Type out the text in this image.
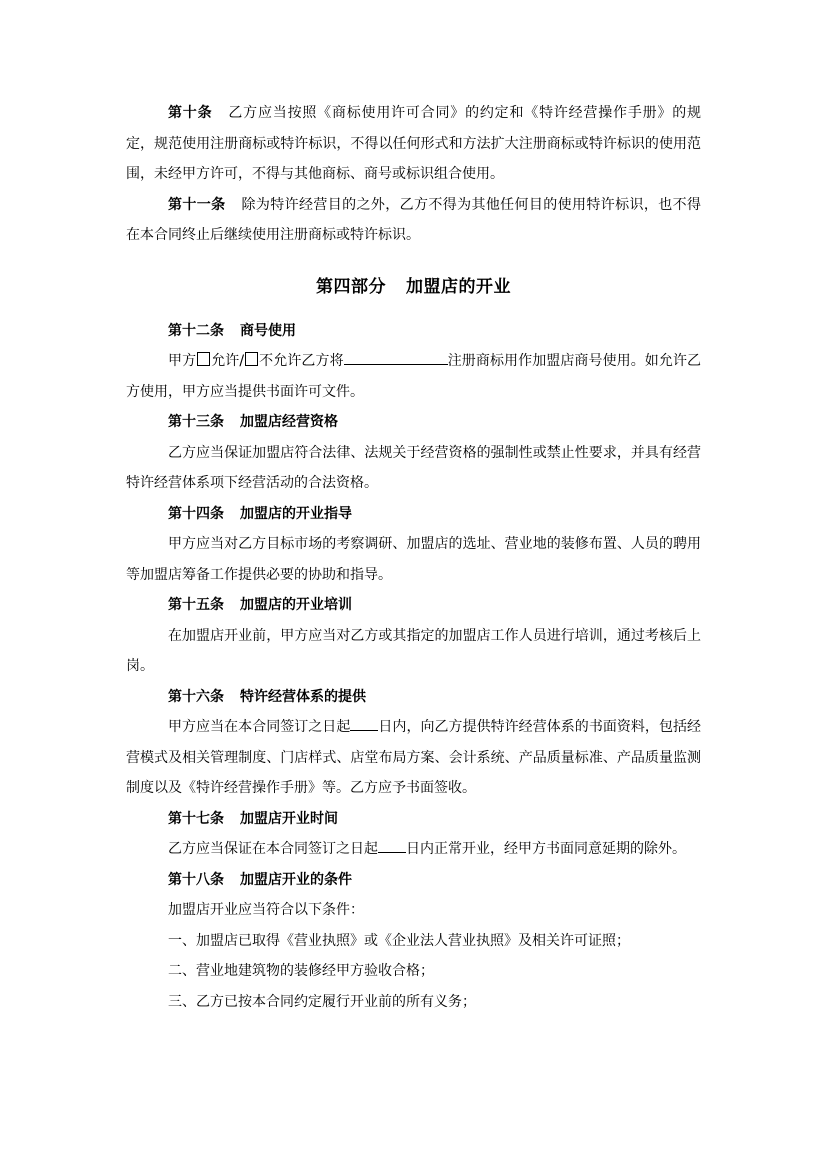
第十条 乙方应当按照《商标使用许可合同》的约定和《特许经营操作手册》的规定，规范使用注册商标或特许标识，不得以任何形式和方法扩大注册商标或特许标识的使用范围，未经甲方许可，不得与其他商标、商号或标识组合使用。

第十一条 除为特许经营目的之外，乙方不得为其他任何目的使用特许标识，也不得在本合同终止后继续使用注册商标或特许标识。

第四部分 加盟店的开业

第十二条 商号使用

甲方 允许/ 不允许乙方将	注册商标用作加盟店商号使用。如允许乙方使用，甲方应当提供书面许可文件。

第十三条 加盟店经营资格

乙方应当保证加盟店符合法律、法规关于经营资格的强制性或禁止性要求，并具有经营特许经营体系项下经营活动的合法资格。

第十四条 加盟店的开业指导

甲方应当对乙方目标市场的考察调研、加盟店的选址、营业地的装修布置、人员的聘用等加盟店筹备工作提供必要的协助和指导。

第十五条 加盟店的开业培训

在加盟店开业前，甲方应当对乙方或其指定的加盟店工作人员进行培训，通过考核后上岗。

第十六条 特许经营体系的提供

甲方应当在本合同签订之日起 日内，向乙方提供特许经营体系的书面资料，包括经营模式及相关管理制度、门店样式、店堂布局方案、会计系统、产品质量标准、产品质量监测制度以及《特许经营操作手册》等。乙方应予书面签收。

第十七条 加盟店开业时间

乙方应当保证在本合同签订之日起 日内正常开业，经甲方书面同意延期的除外。

第十八条 加盟店开业的条件

加盟店开业应当符合以下条件：

一、加盟店已取得《营业执照》或《企业法人营业执照》及相关许可证照；

二、营业地建筑物的装修经甲方验收合格；

三、乙方已按本合同约定履行开业前的所有义务；
